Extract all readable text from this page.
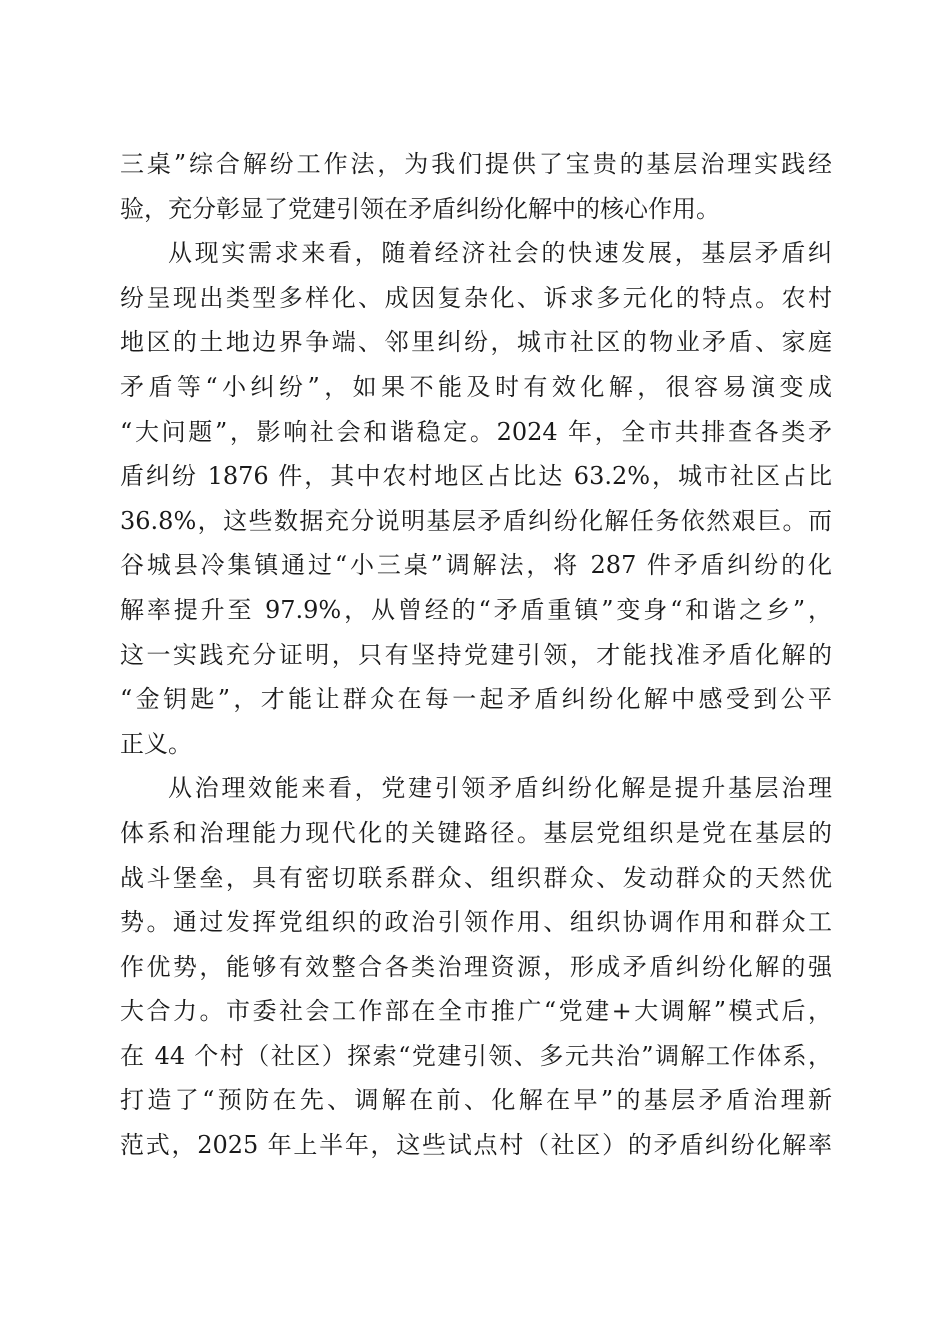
三桌”综合解纷工作法，为我们提供了宝贵的基层治理实践经
验，充分彰显了党建引领在矛盾纠纷化解中的核心作用。
从现实需求来看，随着经济社会的快速发展，基层矛盾纠
纷呈现出类型多样化、成因复杂化、诉求多元化的特点。农村
地区的土地边界争端、邻里纠纷，城市社区的物业矛盾、家庭
矛盾等“小纠纷”，如果不能及时有效化解，很容易演变成
“大问题”，影响社会和谐稳定。2024 年，全市共排查各类矛
盾纠纷 1876 件，其中农村地区占比达 63.2%，城市社区占比
36.8%，这些数据充分说明基层矛盾纠纷化解任务依然艰巨。而
谷城县冷集镇通过“小三桌”调解法，将 287 件矛盾纠纷的化
解率提升至 97.9%，从曾经的“矛盾重镇”变身“和谐之乡”，
这一实践充分证明，只有坚持党建引领，才能找准矛盾化解的
“金钥匙”，才能让群众在每一起矛盾纠纷化解中感受到公平
正义。
从治理效能来看，党建引领矛盾纠纷化解是提升基层治理
体系和治理能力现代化的关键路径。基层党组织是党在基层的
战斗堡垒，具有密切联系群众、组织群众、发动群众的天然优
势。通过发挥党组织的政治引领作用、组织协调作用和群众工
作优势，能够有效整合各类治理资源，形成矛盾纠纷化解的强
大合力。市委社会工作部在全市推广“党建+大调解”模式后，
在 44 个村（社区）探索“党建引领、多元共治”调解工作体系，
打造了“预防在先、调解在前、化解在早”的基层矛盾治理新
范式，2025 年上半年，这些试点村（社区）的矛盾纠纷化解率
